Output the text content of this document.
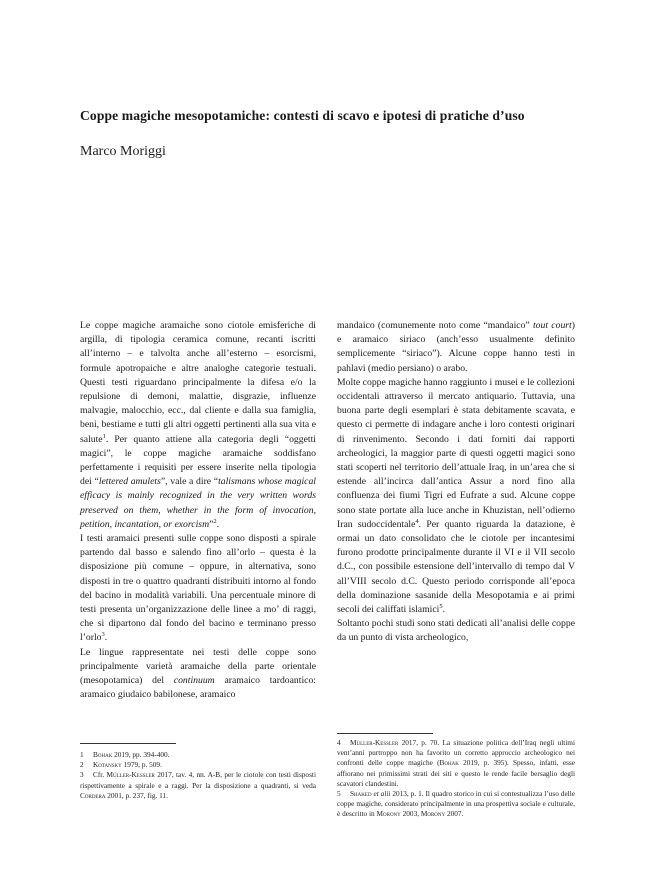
Coppe magiche mesopotamiche: contesti di scavo e ipotesi di pratiche d’uso

Marco Moriggi

Le coppe magiche aramaiche sono ciotole emisferiche di argilla, di tipologia ceramica comune, recanti iscritti all’interno – e talvolta anche all’esterno – esorcismi, formule apotropaiche e altre analoghe categorie testuali. Questi testi riguardano principalmente la difesa e/o la repulsione di demoni, malattie, disgrazie, influenze malvagie, malocchio, ecc., dal cliente e dalla sua famiglia, beni, bestiame e tutti gli altri oggetti pertinenti alla sua vita e salute$^1$. Per quanto attiene alla categoria degli “oggetti magici”, le coppe magiche aramaiche soddisfano perfettamente i requisiti per essere inserite nella tipologia dei “lettered amulets”, vale a dire “talismans whose magical efficacy is mainly recognized in the very written words preserved on them, whether in the form of invocation, petition, incantation, or exorcism”$^2$.

I testi aramaici presenti sulle coppe sono disposti a spirale partendo dal basso e salendo fino all’orlo – questa è la disposizione più comune – oppure, in alternativa, sono disposti in tre o quattro quadranti distribuiti intorno al fondo del bacino in modalità variabili. Una percentuale minore di testi presenta un’organizzazione delle linee a mo’ di raggi, che si dipartono dal fondo del bacino e terminano presso l’orlo$^3$.

Le lingue rappresentate nei testi delle coppe sono principalmente varietà aramaiche della parte orientale (mesopotamica) del continuum aramaico tardoantico: aramaico giudaico babilonese, aramaico

mandaico (comunemente noto come “mandaico” tout court) e aramaico siriaco (anch’esso usualmente definito semplicemente “siriaco”). Alcune coppe hanno testi in pahlavi (medio persiano) o arabo.

Molte coppe magiche hanno raggiunto i musei e le collezioni occidentali attraverso il mercato antiquario. Tuttavia, una buona parte degli esemplari è stata debitamente scavata, e questo ci permette di indagare anche i loro contesti originari di rinvenimento. Secondo i dati forniti dai rapporti archeologici, la maggior parte di questi oggetti magici sono stati scoperti nel territorio dell’attuale Iraq, in un’area che si estende all’incirca dall’antica Assur a nord fino alla confluenza dei fiumi Tigri ed Eufrate a sud. Alcune coppe sono state portate alla luce anche in Khuzistan, nell’odierno Iran sudoccidentale$^4$. Per quanto riguarda la datazione, è ormai un dato consolidato che le ciotole per incantesimi furono prodotte principalmente durante il VI e il VII secolo d.C., con possibile estensione dell’intervallo di tempo dal V all’VIII secolo d.C. Questo periodo corrisponde all’epoca della dominazione sasanide della Mesopotamia e ai primi secoli dei califfati islamici$^5$.

Soltanto pochi studi sono stati dedicati all’analisi delle coppe da un punto di vista archeologico,

1 Bohak 2019, pp. 394-400.
2 Kotansky 1979, p. 509.
3 Cfr. Müller-Kessler 2017, tav. 4, nn. A-B, per le ciotole con testi disposti rispettivamente a spirale e a raggi. Per la disposizione a quadranti, si veda Cordera 2001, p. 237, fig. 11.
4 Müller-Kessler 2017, p. 70. La situazione politica dell’Iraq negli ultimi vent’anni purtroppo non ha favorito un corretto approccio archeologico nei confronti delle coppe magiche (Bohak 2019, p. 395). Spesso, infatti, esse affiorano nei primissimi strati dei siti e questo le rende facile bersaglio degli scavatori clandestini.
5 Shaked et alii 2013, p. 1. Il quadro storico in cui si contestualizza l’uso delle coppe magiche, considerato principalmente in una prospettiva sociale e culturale, è descritto in Morony 2003, Morony 2007.
